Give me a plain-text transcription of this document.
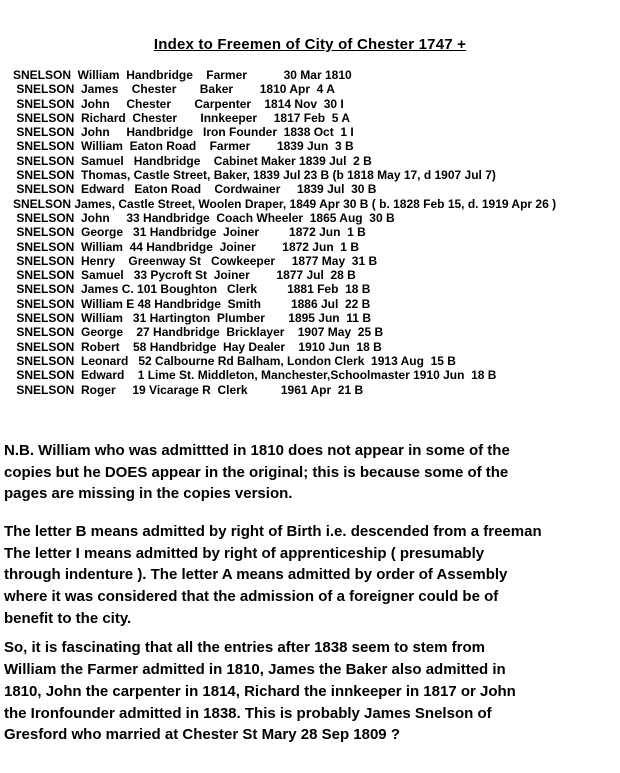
Index to Freemen of City of Chester 1747 +
SNELSON  William  Handbridge    Farmer           30 Mar 1810
SNELSON  James    Chester       Baker        1810 Apr  4 A
SNELSON  John     Chester       Carpenter    1814 Nov  30 I
SNELSON  Richard  Chester       Innkeeper     1817 Feb  5 A
SNELSON  John     Handbridge   Iron Founder  1838 Oct  1 I
SNELSON  William  Eaton Road    Farmer        1839 Jun  3 B
SNELSON  Samuel   Handbridge    Cabinet Maker 1839 Jul  2 B
SNELSON  Thomas, Castle Street, Baker, 1839 Jul 23 B (b 1818 May 17, d 1907 Jul 7)
SNELSON  Edward   Eaton Road    Cordwainer     1839 Jul  30 B
SNELSON James, Castle Street, Woolen Draper, 1849 Apr 30 B ( b. 1828 Feb 15, d. 1919 Apr 26 )
SNELSON  John     33 Handbridge  Coach Wheeler  1865 Aug  30 B
SNELSON  George   31 Handbridge  Joiner         1872 Jun  1 B
SNELSON  William  44 Handbridge  Joiner        1872 Jun  1 B
SNELSON  Henry    Greenway St   Cowkeeper     1877 May  31 B
SNELSON  Samuel   33 Pycroft St  Joiner        1877 Jul  28 B
SNELSON  James C. 101 Boughton   Clerk         1881 Feb  18 B
SNELSON  William E 48 Handbridge  Smith         1886 Jul  22 B
SNELSON  William   31 Hartington  Plumber       1895 Jun  11 B
SNELSON  George    27 Handbridge  Bricklayer    1907 May  25 B
SNELSON  Robert    58 Handbridge  Hay Dealer    1910 Jun  18 B
SNELSON  Leonard   52 Calbourne Rd Balham, London Clerk  1913 Aug  15 B
SNELSON  Edward    1 Lime St. Middleton, Manchester,Schoolmaster 1910 Jun  18 B
SNELSON  Roger     19 Vicarage R  Clerk          1961 Apr  21 B
N.B. William who was admittted in 1810 does not appear in some of the
copies but he DOES appear in the original; this is because some of the
pages are missing in the copies version.
The letter B means admitted by right of Birth i.e. descended from a freeman
The letter I means admitted by right of apprenticeship ( presumably
through indenture ). The letter A means admitted by order of Assembly
where it was considered that the admission of a foreigner could be of
benefit to the city.
So, it is fascinating that all the entries after 1838 seem to stem from
William the Farmer admitted in 1810, James the Baker also admitted in
1810, John the carpenter in 1814, Richard the innkeeper in 1817 or John
the Ironfounder admitted in 1838. This is probably James Snelson of
Gresford who married at Chester St Mary 28 Sep 1809 ?
